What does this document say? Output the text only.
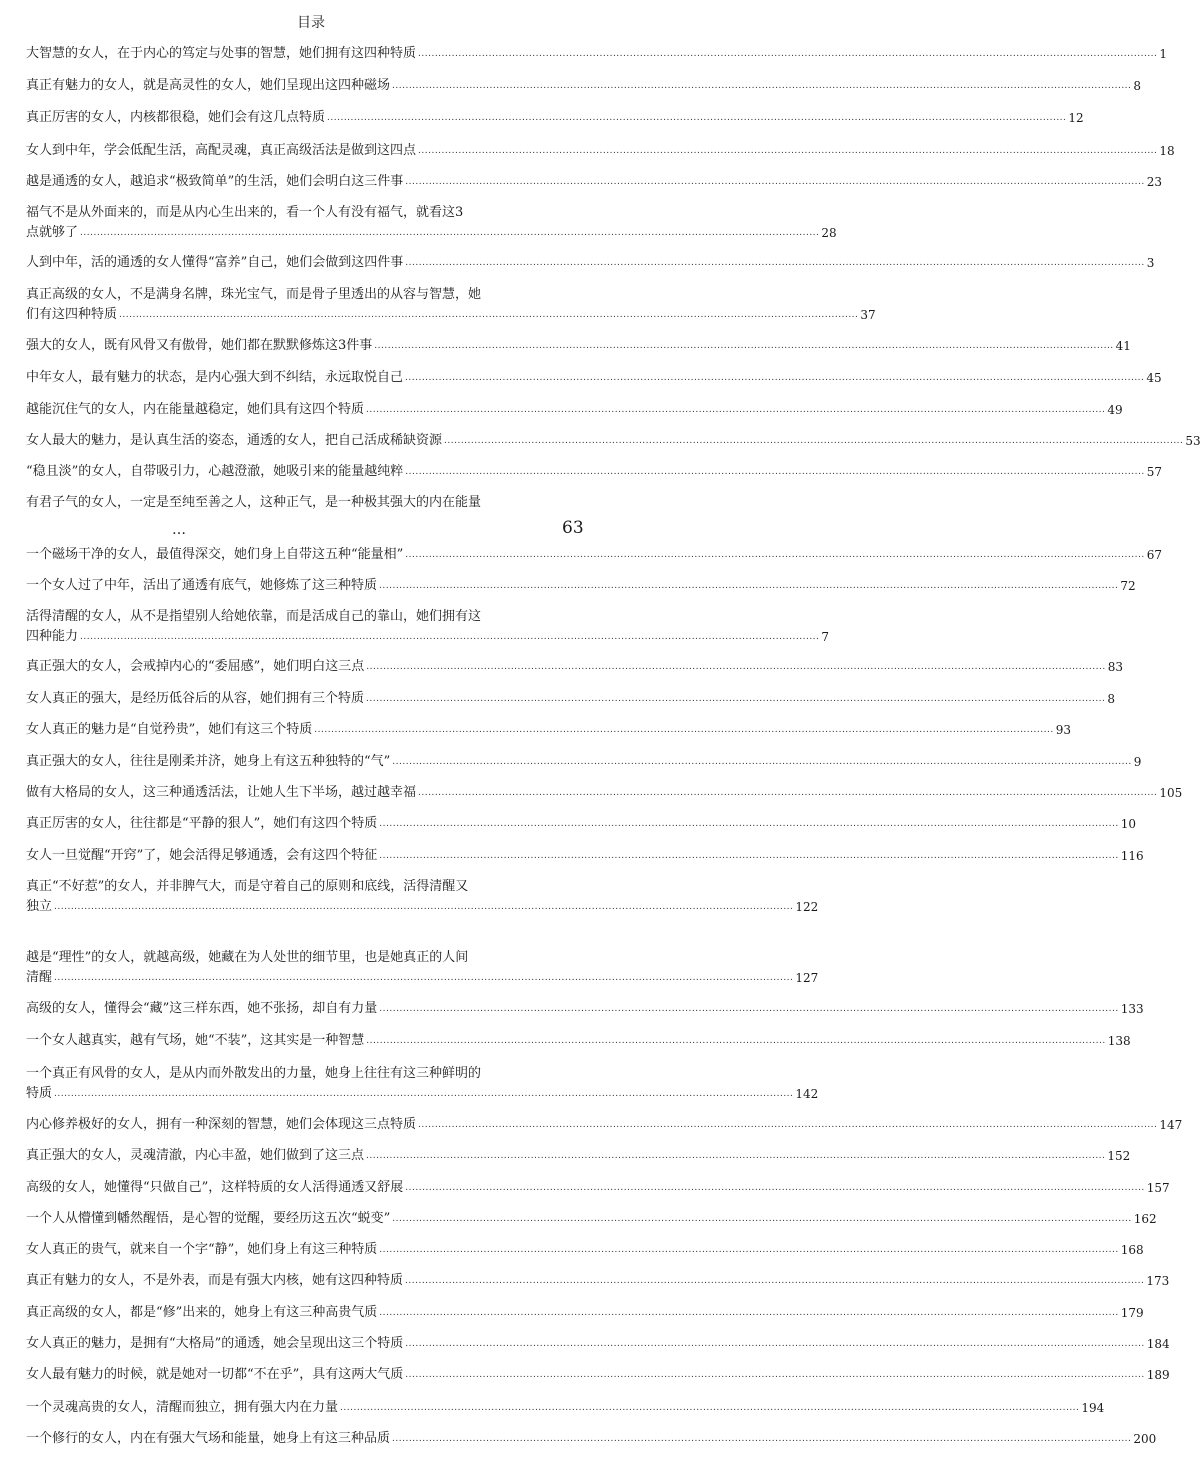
目录
大智慧的女人，在于内心的笃定与处事的智慧，她们拥有这四种特质 ............................................................................................................................................................................................................................ 1
真正有魅力的女人，就是高灵性的女人，她们呈现出这四种磁场 ............................................................................................................................................................................................................................ 8
真正厉害的女人，内核都很稳，她们会有这几点特质 ............................................................................................................................................................................................................................ 12
女人到中年，学会低配生活，高配灵魂，真正高级活法是做到这四点 ............................................................................................................................................................................................................................ 18
越是通透的女人，越追求“极致简单”的生活，她们会明白这三件事 ............................................................................................................................................................................................................................ 23
福气不是从外面来的，而是从内心生出来的，看一个人有没有福气，就看这3
点就够了 ............................................................................................................................................................................................................................ 28
人到中年，活的通透的女人懂得“富养”自己，她们会做到这四件事 ............................................................................................................................................................................................................................ 3
真正高级的女人，不是满身名牌，珠光宝气，而是骨子里透出的从容与智慧，她
们有这四种特质 ............................................................................................................................................................................................................................ 37
强大的女人，既有风骨又有傲骨，她们都在默默修炼这3件事 ............................................................................................................................................................................................................................ 41
中年女人，最有魅力的状态，是内心强大到不纠结，永远取悦自己 ............................................................................................................................................................................................................................ 45
越能沉住气的女人，内在能量越稳定，她们具有这四个特质 ............................................................................................................................................................................................................................ 49
女人最大的魅力，是认真生活的姿态，通透的女人，把自己活成稀缺资源 ............................................................................................................................................................................................................................ 53
“稳且淡”的女人，自带吸引力，心越澄澈，她吸引来的能量越纯粹 ............................................................................................................................................................................................................................ 57
有君子气的女人，一定是至纯至善之人，这种正气，是一种极其强大的内在能量
一个磁场干净的女人，最值得深交，她们身上自带这五种“能量相” ............................................................................................................................................................................................................................ 67
一个女人过了中年，活出了通透有底气，她修炼了这三种特质 ............................................................................................................................................................................................................................ 72
活得清醒的女人，从不是指望别人给她依靠，而是活成自己的靠山，她们拥有这
四种能力 ............................................................................................................................................................................................................................ 7
真正强大的女人，会戒掉内心的“委屈感”，她们明白这三点 ............................................................................................................................................................................................................................ 83
女人真正的强大，是经历低谷后的从容，她们拥有三个特质 ............................................................................................................................................................................................................................ 8
女人真正的魅力是“自觉矜贵”，她们有这三个特质 ............................................................................................................................................................................................................................ 93
真正强大的女人，往往是刚柔并济，她身上有这五种独特的“气” ............................................................................................................................................................................................................................ 9
做有大格局的女人，这三种通透活法，让她人生下半场，越过越幸福 ............................................................................................................................................................................................................................ 105
真正厉害的女人，往往都是“平静的狠人”，她们有这四个特质 ............................................................................................................................................................................................................................ 10
女人一旦觉醒“开窍”了，她会活得足够通透，会有这四个特征 ............................................................................................................................................................................................................................ 116
真正“不好惹”的女人，并非脾气大，而是守着自己的原则和底线，活得清醒又
独立 ............................................................................................................................................................................................................................ 122
越是“理性”的女人，就越高级，她藏在为人处世的细节里，也是她真正的人间
清醒 ............................................................................................................................................................................................................................ 127
高级的女人，懂得会“藏”这三样东西，她不张扬，却自有力量 ............................................................................................................................................................................................................................ 133
一个女人越真实，越有气场，她“不装”，这其实是一种智慧 ............................................................................................................................................................................................................................ 138
一个真正有风骨的女人，是从内而外散发出的力量，她身上往往有这三种鲜明的
特质 ............................................................................................................................................................................................................................ 142
内心修养极好的女人，拥有一种深刻的智慧，她们会体现这三点特质 ............................................................................................................................................................................................................................ 147
真正强大的女人，灵魂清澈，内心丰盈，她们做到了这三点 ............................................................................................................................................................................................................................ 152
高级的女人，她懂得“只做自己”，这样特质的女人活得通透又舒展 ............................................................................................................................................................................................................................ 157
一个人从懵懂到幡然醒悟，是心智的觉醒，要经历这五次“蜕变” ............................................................................................................................................................................................................................ 162
女人真正的贵气，就来自一个字“静”，她们身上有这三种特质 ............................................................................................................................................................................................................................ 168
真正有魅力的女人，不是外表，而是有强大内核，她有这四种特质 ............................................................................................................................................................................................................................ 173
真正高级的女人，都是“修”出来的，她身上有这三种高贵气质 ............................................................................................................................................................................................................................ 179
女人真正的魅力，是拥有“大格局”的通透，她会呈现出这三个特质 ............................................................................................................................................................................................................................ 184
女人最有魅力的时候，就是她对一切都“不在乎”，具有这两大气质 ............................................................................................................................................................................................................................ 189
一个灵魂高贵的女人，清醒而独立，拥有强大内在力量 ............................................................................................................................................................................................................................ 194
一个修行的女人，内在有强大气场和能量，她身上有这三种品质 ............................................................................................................................................................................................................................ 200
…	63
